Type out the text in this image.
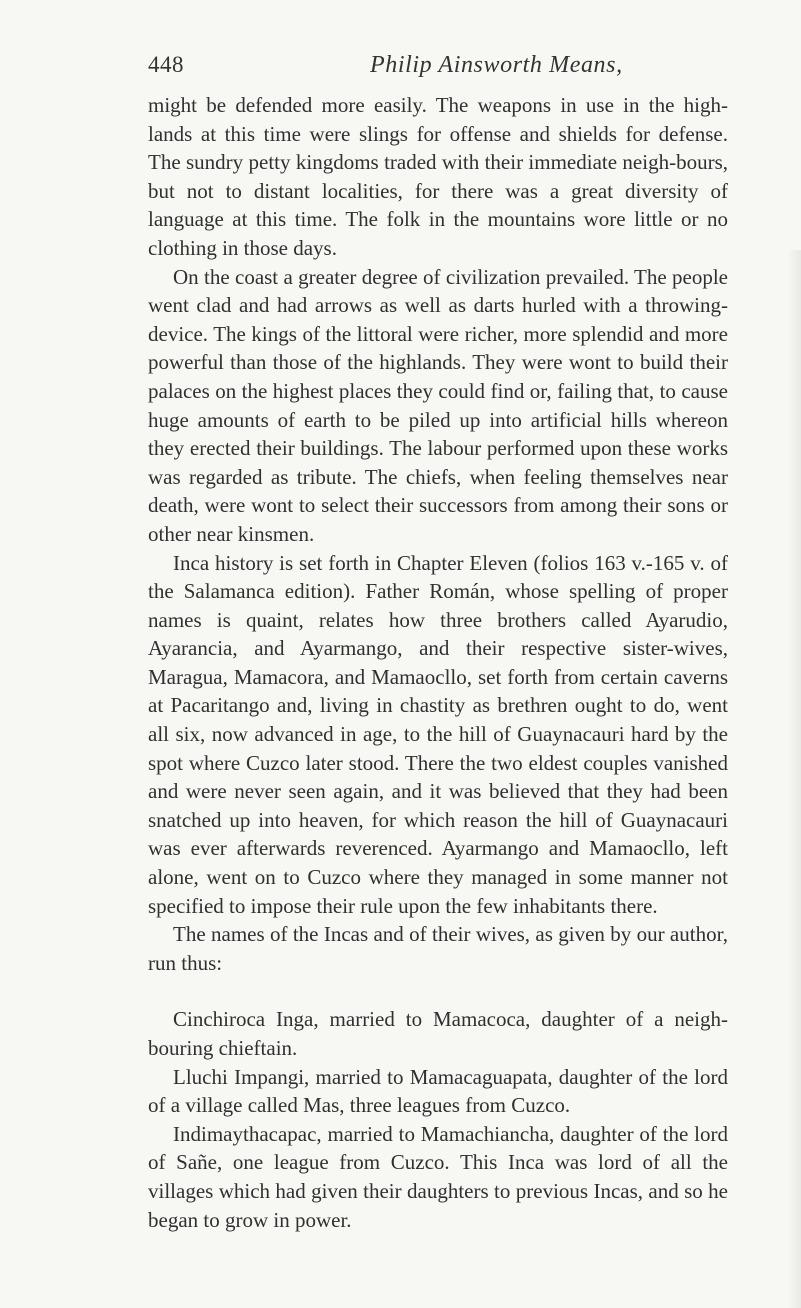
448	Philip Ainsworth Means,

might be defended more easily. The weapons in use in the high-lands at this time were slings for offense and shields for defense. The sundry petty kingdoms traded with their immediate neigh-bours, but not to distant localities, for there was a great diversity of language at this time. The folk in the mountains wore little or no clothing in those days.

On the coast a greater degree of civilization prevailed. The people went clad and had arrows as well as darts hurled with a throwing-device. The kings of the littoral were richer, more splendid and more powerful than those of the highlands. They were wont to build their palaces on the highest places they could find or, failing that, to cause huge amounts of earth to be piled up into artificial hills whereon they erected their buildings. The labour performed upon these works was regarded as tribute. The chiefs, when feeling themselves near death, were wont to select their successors from among their sons or other near kinsmen.

Inca history is set forth in Chapter Eleven (folios 163 v.-165 v. of the Salamanca edition). Father Román, whose spelling of proper names is quaint, relates how three brothers called Ayarudio, Ayarancia, and Ayarmango, and their respective sister-wives, Maragua, Mamacora, and Mamaocllo, set forth from certain caverns at Pacaritango and, living in chastity as brethren ought to do, went all six, now advanced in age, to the hill of Guaynacauri hard by the spot where Cuzco later stood. There the two eldest couples vanished and were never seen again, and it was believed that they had been snatched up into heaven, for which reason the hill of Guaynacauri was ever afterwards reverenced. Ayarmango and Mamaocllo, left alone, went on to Cuzco where they managed in some manner not specified to impose their rule upon the few inhabitants there.

The names of the Incas and of their wives, as given by our author, run thus:

Cinchiroca Inga, married to Mamacoca, daughter of a neigh-bouring chieftain.

Lluchi Impangi, married to Mamacaguapata, daughter of the lord of a village called Mas, three leagues from Cuzco.

Indimaythacapac, married to Mamachiancha, daughter of the lord of Sañe, one league from Cuzco. This Inca was lord of all the villages which had given their daughters to previous Incas, and so he began to grow in power.
